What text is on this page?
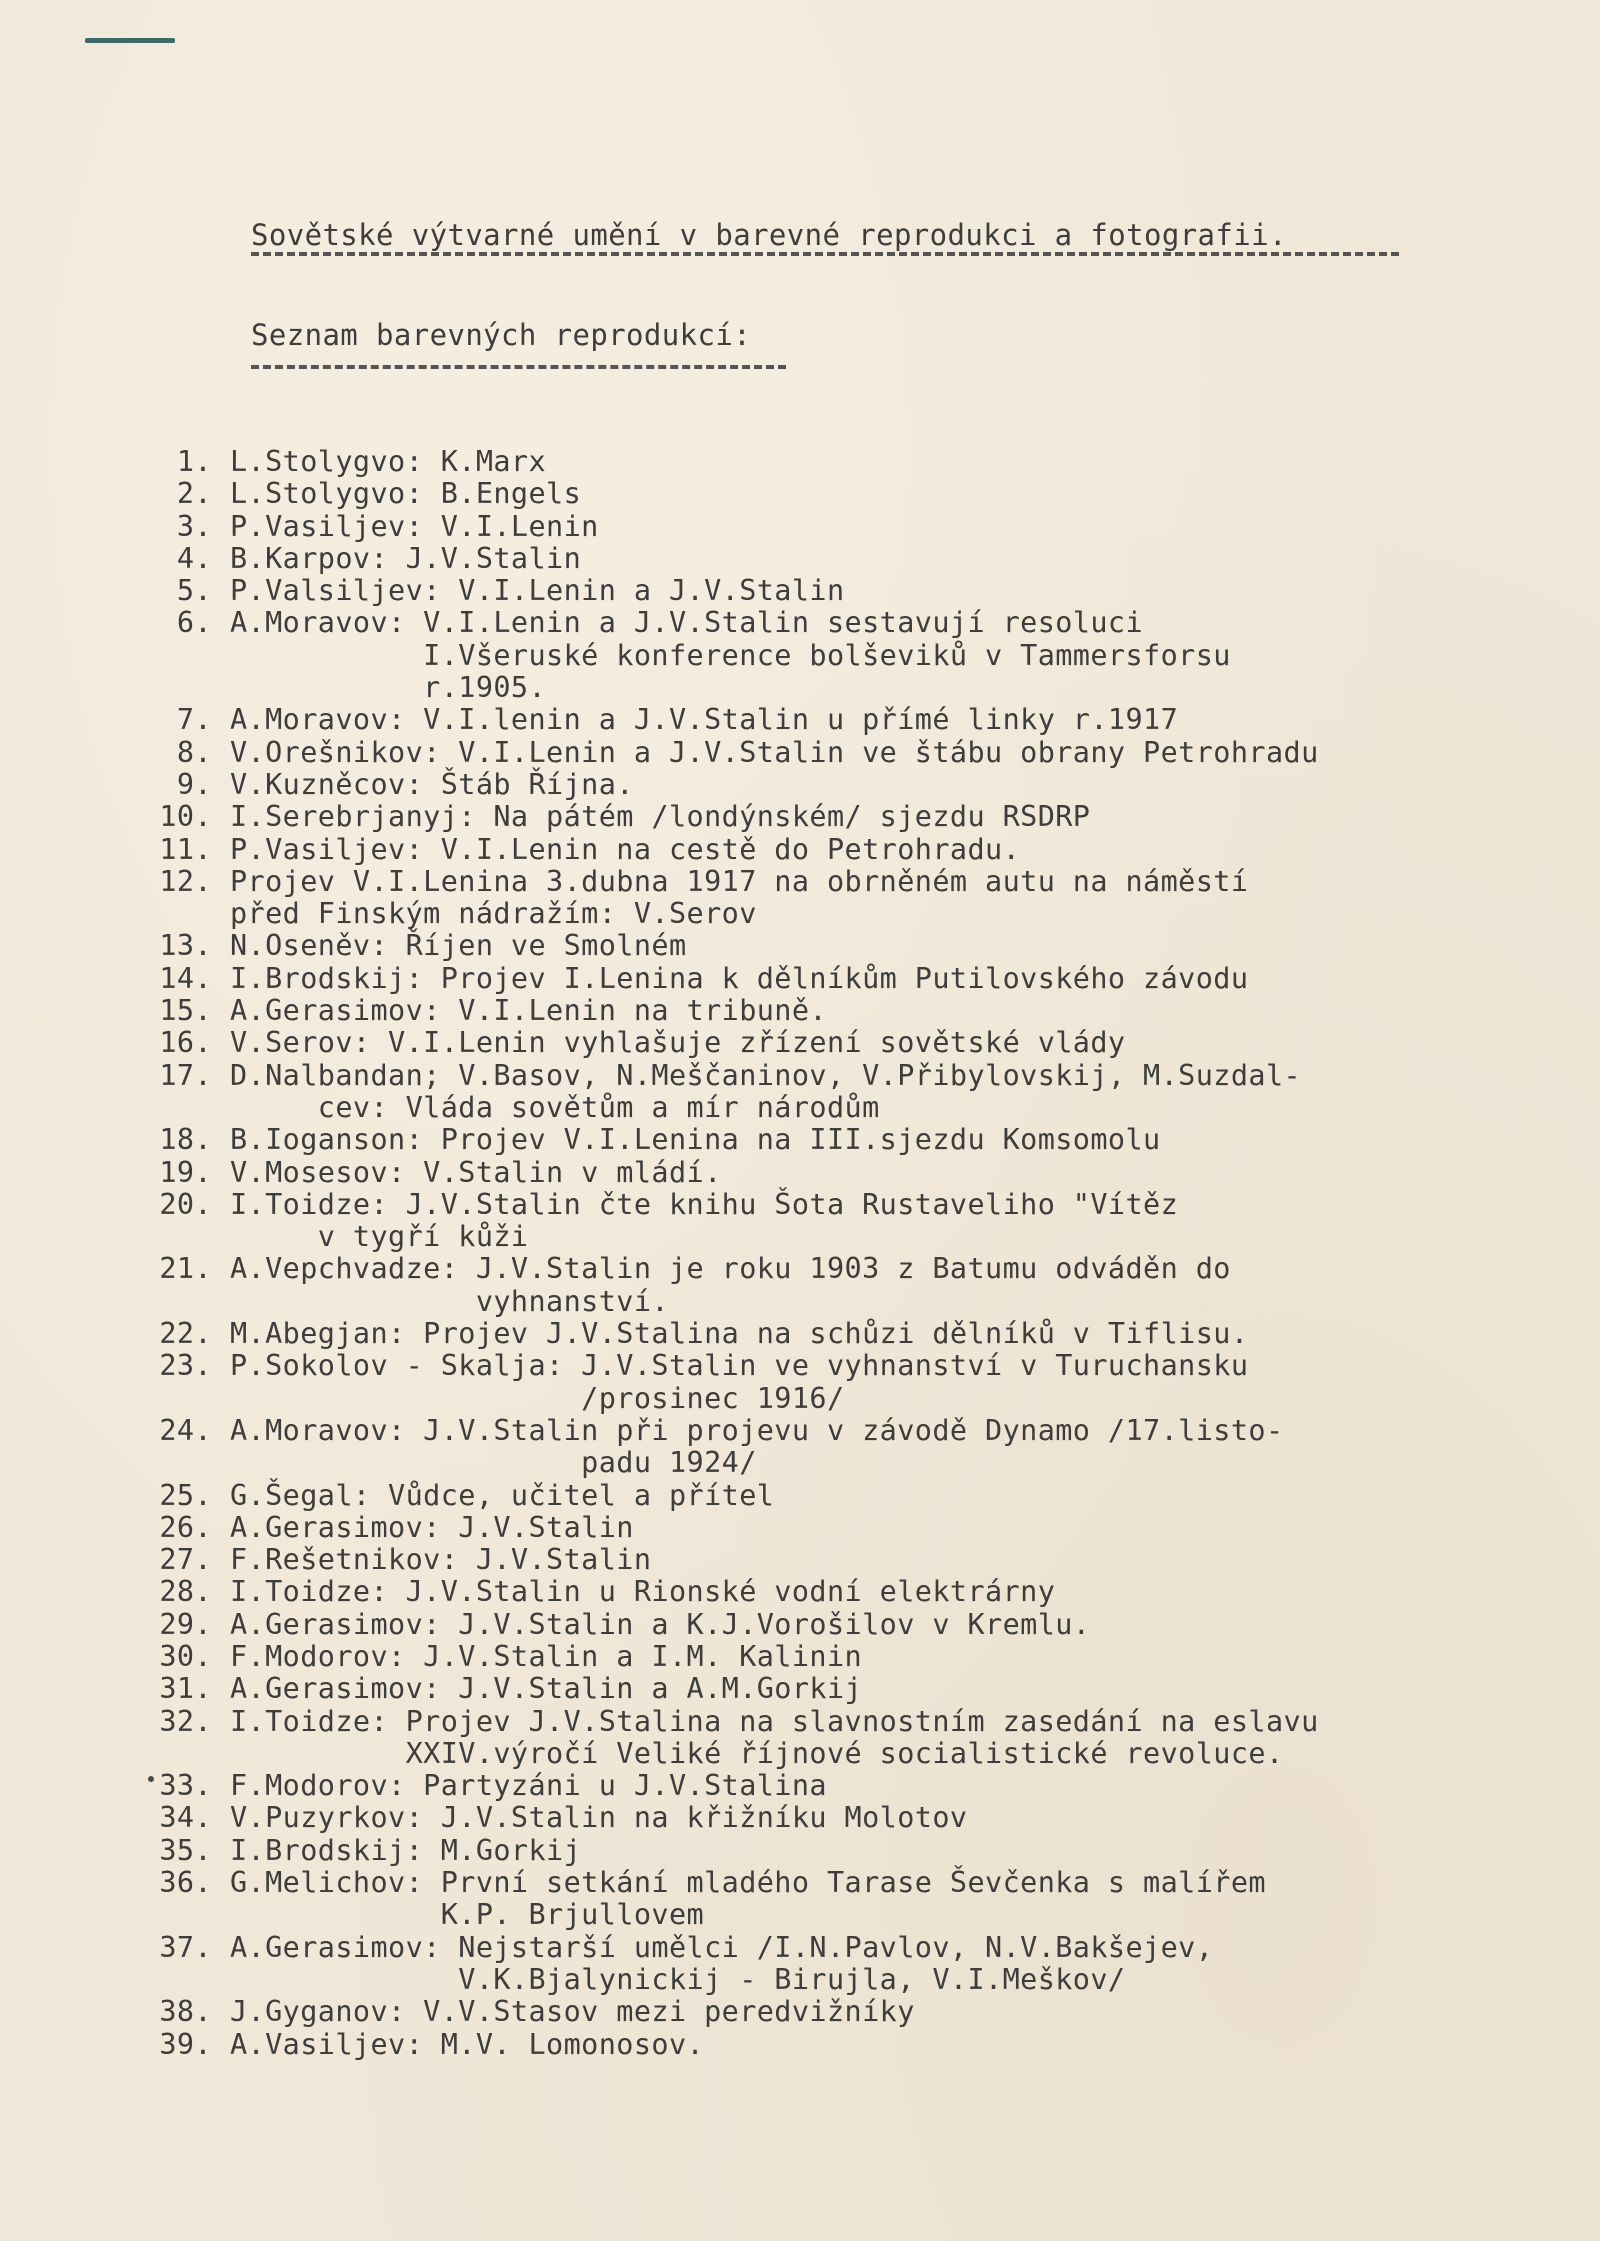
Sovětské výtvarné umění v barevné reprodukci a fotografii.
Seznam barevných reprodukcí:
1. L.Stolygvo: K.Marx
2. L.Stolygvo: B.Engels
3. P.Vasiljev: V.I.Lenin
4. B.Karpov: J.V.Stalin
5. P.Valsiljev: V.I.Lenin a J.V.Stalin
6. A.Moravov: V.I.Lenin a J.V.Stalin sestavují resoluci
I.Všeruské konference bolševiků v Tammersforsu
r.1905.
7. A.Moravov: V.I.lenin a J.V.Stalin u přímé linky r.1917
8. V.Orešnikov: V.I.Lenin a J.V.Stalin ve štábu obrany Petrohradu
9. V.Kuzněcov: Štáb Října.
10. I.Serebrjanyj: Na pátém /londýnském/ sjezdu RSDRP
11. P.Vasiljev: V.I.Lenin na cestě do Petrohradu.
12. Projev V.I.Lenina 3.dubna 1917 na obrněném autu na náměstí
před Finským nádražím: V.Serov
13. N.Oseněv: Říjen ve Smolném
14. I.Brodskij: Projev I.Lenina k dělníkům Putilovského závodu
15. A.Gerasimov: V.I.Lenin na tribuně.
16. V.Serov: V.I.Lenin vyhlašuje zřízení sovětské vlády
17. D.Nalbandan; V.Basov, N.Meščaninov, V.Přibylovskij, M.Suzdal-
cev: Vláda sovětům a mír národům
18. B.Ioganson: Projev V.I.Lenina na III.sjezdu Komsomolu
19. V.Mosesov: V.Stalin v mládí.
20. I.Toidze: J.V.Stalin čte knihu Šota Rustaveliho "Vítěz
v tygří kůži
21. A.Vepchvadze: J.V.Stalin je roku 1903 z Batumu odváděn do
vyhnanství.
22. M.Abegjan: Projev J.V.Stalina na schůzi dělníků v Tiflisu.
23. P.Sokolov - Skalja: J.V.Stalin ve vyhnanství v Turuchansku
/prosinec 1916/
24. A.Moravov: J.V.Stalin při projevu v závodě Dynamo /17.listo-
padu 1924/
25. G.Šegal: Vůdce, učitel a přítel
26. A.Gerasimov: J.V.Stalin
27. F.Rešetnikov: J.V.Stalin
28. I.Toidze: J.V.Stalin u Rionské vodní elektrárny
29. A.Gerasimov: J.V.Stalin a K.J.Vorošilov v Kremlu.
30. F.Modorov: J.V.Stalin a I.M. Kalinin
31. A.Gerasimov: J.V.Stalin a A.M.Gorkij
32. I.Toidze: Projev J.V.Stalina na slavnostním zasedání na eslavu
XXIV.výročí Veliké říjnové socialistické revoluce.
33. F.Modorov: Partyzáni u J.V.Stalina
34. V.Puzyrkov: J.V.Stalin na křižníku Molotov
35. I.Brodskij: M.Gorkij
36. G.Melichov: První setkání mladého Tarase Ševčenka s malířem
K.P. Brjullovem
37. A.Gerasimov: Nejstarší umělci /I.N.Pavlov, N.V.Bakšejev,
V.K.Bjalynickij - Birujla, V.I.Meškov/
38. J.Gyganov: V.V.Stasov mezi peredvižníky
39. A.Vasiljev: M.V. Lomonosov.
